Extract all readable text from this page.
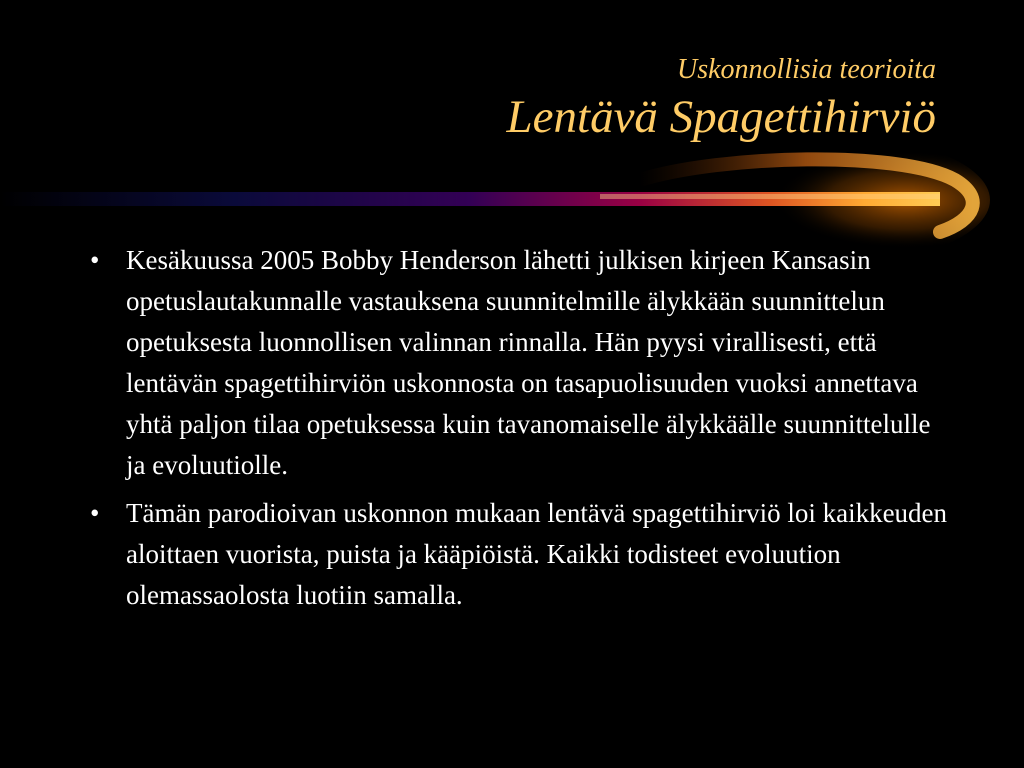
Uskonnollisia teorioita
Lentävä Spagettihirviö
• Kesäkuussa 2005 Bobby Henderson lähetti julkisen kirjeen Kansasin opetuslautakunnalle vastauksena suunnitelmille älykkään suunnittelun opetuksesta luonnollisen valinnan rinnalla. Hän pyysi virallisesti, että lentävän spagettihirviön uskonnosta on tasapuolisuuden vuoksi annettava yhtä paljon tilaa opetuksessa kuin tavanomaiselle älykkäälle suunnittelulle ja evoluutiolle.
• Tämän parodioivan uskonnon mukaan lentävä spagettihirviö loi kaikkeuden aloittaen vuorista, puista ja kääpiöistä. Kaikki todisteet evoluution olemassaolosta luotiin samalla.
